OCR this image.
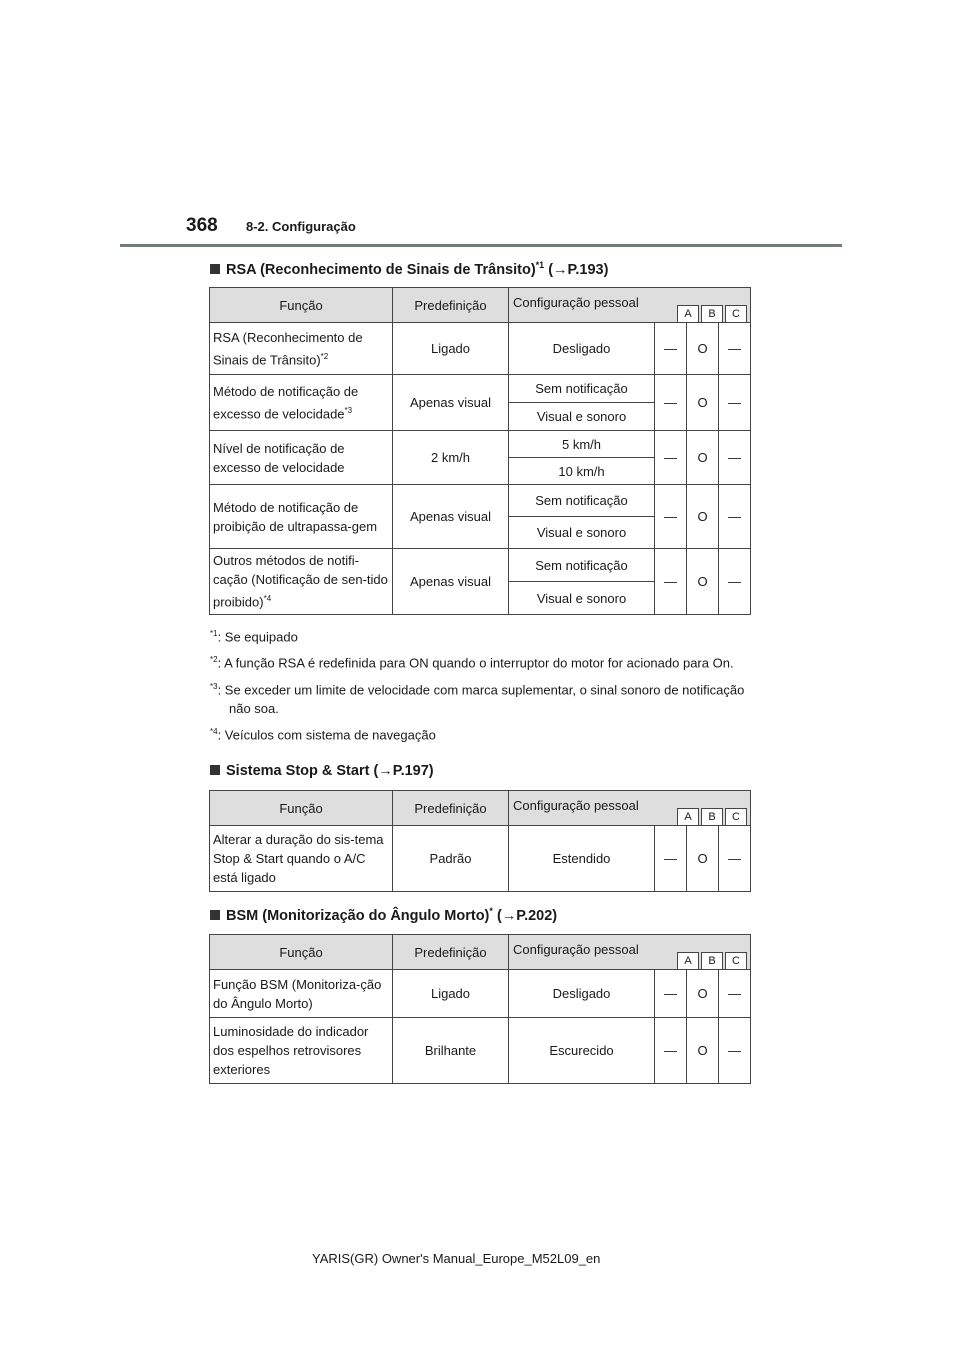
368 8-2. Configuração
RSA (Reconhecimento de Sinais de Trânsito)$^{*1}$ (→P.193)
Função	Predefinição	Configuração pessoal
A B C			

RSA (Reconhecimento de Sinais de Trânsito)$^{*2}$	Ligado	Desligado	—	O	—
Método de notificação de excesso de velocidade$^{*3}$	Apenas visual	Sem notificação	—	O	—
		Visual e sonoro			
Nível de notificação de excesso de velocidade	2 km/h	5 km/h	—	O	—
		10 km/h			
Método de notificação de proibição de ultrapassa-gem	Apenas visual	Sem notificação	—	O	—
		Visual e sonoro			
Outros métodos de notifi-cação (Notificação de sen-tido proibido)$^{*4}$	Apenas visual	Sem notificação	—	O	—
		Visual e sonoro			
$^{*1}$: Se equipado
$^{*2}$: A função RSA é redefinida para ON quando o interruptor do motor for acionado para On.
$^{*3}$: Se exceder um limite de velocidade com marca suplementar, o sinal sonoro de notificação não soa.
$^{*4}$: Veículos com sistema de navegação
Sistema Stop & Start (→P.197)
Função	Predefinição	Configuração pessoal
A B C			

Alterar a duração do sis-tema Stop & Start quando o A/C está ligado	Padrão	Estendido	—	O	—
BSM (Monitorização do Ângulo Morto)* (→P.202)
Função	Predefinição	Configuração pessoal
A B C			

Função BSM (Monitoriza-ção do Ângulo Morto)	Ligado	Desligado	—	O	—
Luminosidade do indicador dos espelhos retrovisores exteriores	Brilhante	Escurecido	—	O	—
YARIS(GR) Owner's Manual_Europe_M52L09_en
